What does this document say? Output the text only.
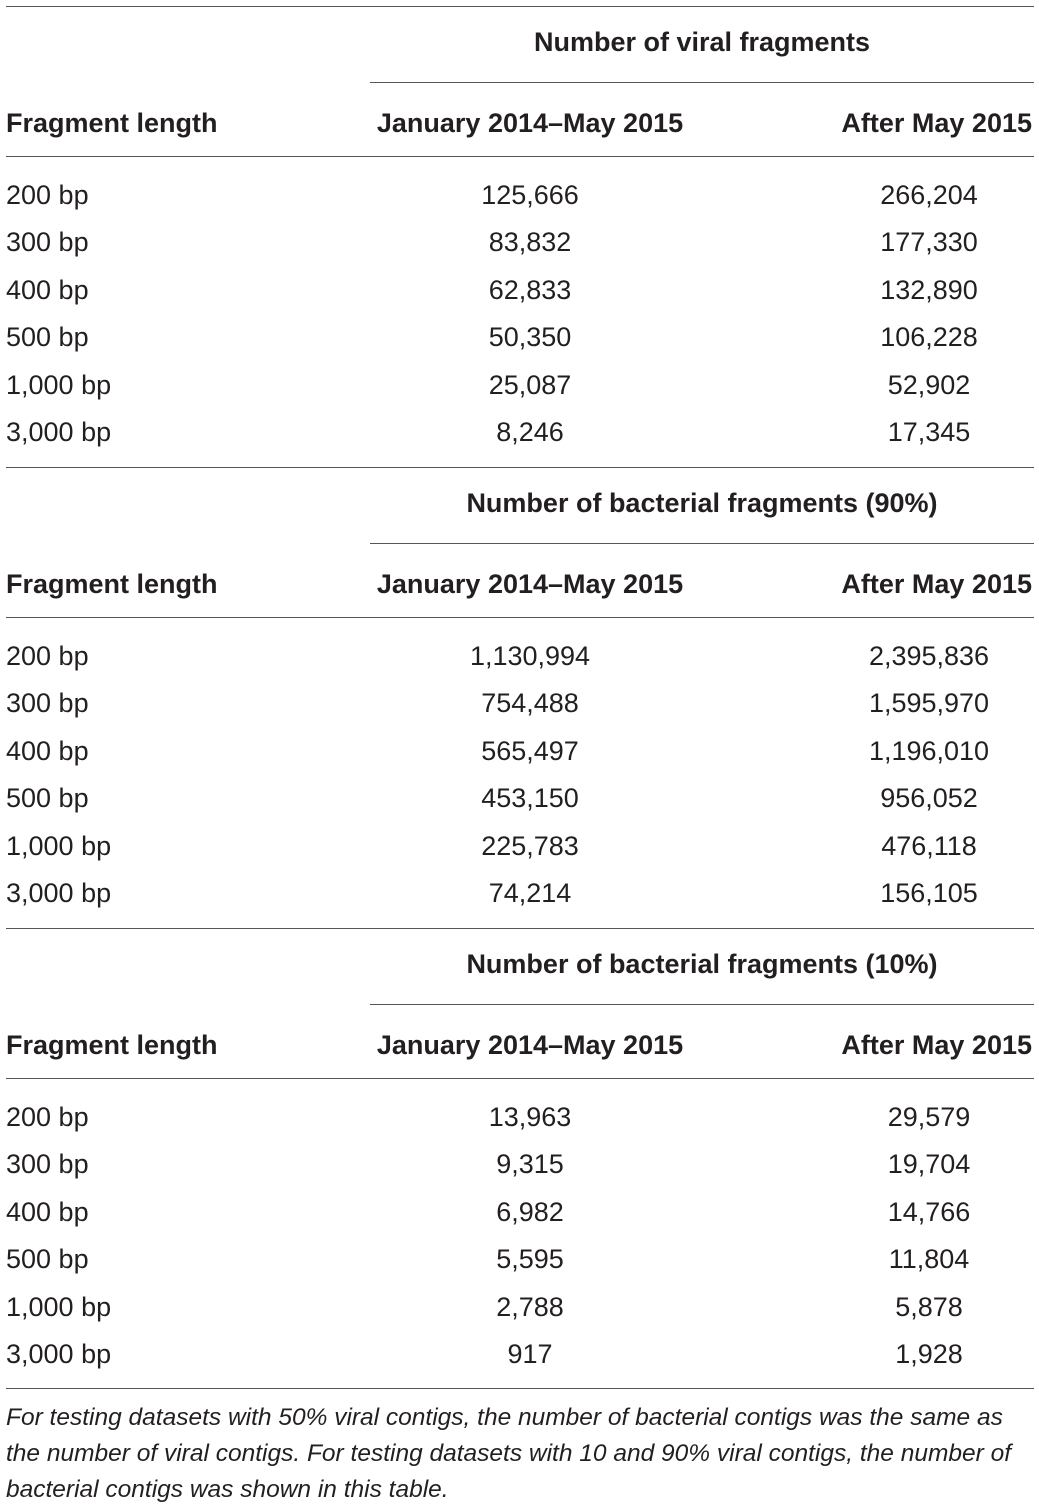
Number of viral fragments
Fragment length	January 2014–May 2015	After May 2015
200 bp	125,666	266,204
300 bp	83,832	177,330
400 bp	62,833	132,890
500 bp	50,350	106,228
1,000 bp	25,087	52,902
3,000 bp	8,246	17,345
Number of bacterial fragments (90%)
Fragment length	January 2014–May 2015	After May 2015
200 bp	1,130,994	2,395,836
300 bp	754,488	1,595,970
400 bp	565,497	1,196,010
500 bp	453,150	956,052
1,000 bp	225,783	476,118
3,000 bp	74,214	156,105
Number of bacterial fragments (10%)
Fragment length	January 2014–May 2015	After May 2015
200 bp	13,963	29,579
300 bp	9,315	19,704
400 bp	6,982	14,766
500 bp	5,595	11,804
1,000 bp	2,788	5,878
3,000 bp	917	1,928
For testing datasets with 50% viral contigs, the number of bacterial contigs was the same as the number of viral contigs. For testing datasets with 10 and 90% viral contigs, the number of bacterial contigs was shown in this table.
